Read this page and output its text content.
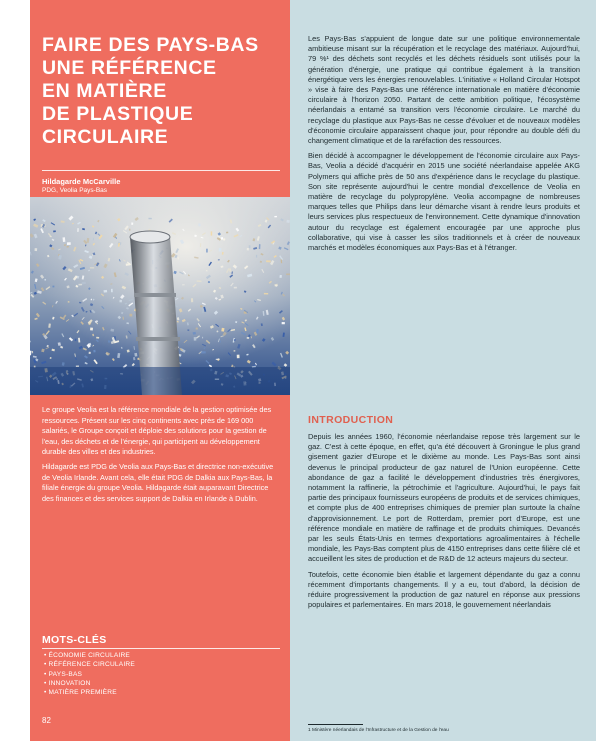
FAIRE DES PAYS-BAS
UNE RÉFÉRENCE
EN MATIÈRE
DE PLASTIQUE
CIRCULAIRE
Hildagarde McCarville
PDG, Veolia Pays-Bas

Le groupe Veolia est la référence mondiale de la gestion optimisée des ressources. Présent sur les cinq continents avec près de 169 000 salariés, le Groupe conçoit et déploie des solutions pour la gestion de l'eau, des déchets et de l'énergie, qui participent au développement durable des villes et des industries.

Hildagarde est PDG de Veolia aux Pays-Bas et directrice non-exécutive de Veolia Irlande. Avant cela, elle était PDG de Dalkia aux Pays-Bas, la filiale énergie du groupe Veolia. Hildagarde était auparavant Directrice des finances et des services support de Dalkia en Irlande à Dublin.

MOTS-CLÉS
• ÉCONOMIE CIRCULAIRE
• RÉFÉRENCE CIRCULAIRE
• PAYS-BAS
• INNOVATION
• MATIÈRE PREMIÈRE
82

Les Pays-Bas s'appuient de longue date sur une politique environnementale ambitieuse misant sur la récupération et le recyclage des matériaux. Aujourd'hui, 79 %¹ des déchets sont recyclés et les déchets résiduels sont utilisés pour la génération d'énergie, une pratique qui contribue également à la transition énergétique vers les énergies renouvelables. L'initiative « Holland Circular Hotspot » vise à faire des Pays-Bas une référence internationale en matière d'économie circulaire à l'horizon 2050. Partant de cette ambition politique, l'écosystème néerlandais a entamé sa transition vers l'économie circulaire. Le marché du recyclage du plastique aux Pays-Bas ne cesse d'évoluer et de nouveaux modèles d'économie circulaire apparaissent chaque jour, pour répondre au double défi du changement climatique et de la raréfaction des ressources.

Bien décidé à accompagner le développement de l'économie circulaire aux Pays-Bas, Veolia a décidé d'acquérir en 2015 une société néerlandaise appelée AKG Polymers qui affiche près de 50 ans d'expérience dans le recyclage du plastique. Son site représente aujourd'hui le centre mondial d'excellence de Veolia en matière de recyclage du polypropylène. Veolia accompagne de nombreuses marques telles que Philips dans leur démarche visant à rendre leurs produits et leurs services plus respectueux de l'environnement. Cette dynamique d'innovation autour du recyclage est également encouragée par une approche plus collaborative, qui vise à casser les silos traditionnels et à créer de nouveaux marchés et modèles économiques aux Pays-Bas et à l'étranger.

INTRODUCTION

Depuis les années 1960, l'économie néerlandaise repose très largement sur le gaz. C'est à cette époque, en effet, qu'a été découvert à Groningue le plus grand gisement gazier d'Europe et le dixième au monde. Les Pays-Bas sont ainsi devenus le principal producteur de gaz naturel de l'Union européenne. Cette abondance de gaz a facilité le développement d'industries très énergivores, notamment la raffinerie, la pétrochimie et l'agriculture. Aujourd'hui, le pays fait partie des principaux fournisseurs européens de produits et de services chimiques, et compte plus de 400 entreprises chimiques de premier plan surtoute la chaîne d'approvisionnement. Le port de Rotterdam, premier port d'Europe, est une référence mondiale en matière de raffinage et de produits chimiques. Devancés par les seuls États-Unis en termes d'exportations agroalimentaires à l'échelle mondiale, les Pays-Bas comptent plus de 4150 entreprises dans cette filière clé et accueillent les sites de production et de R&D de 12 acteurs majeurs du secteur.

Toutefois, cette économie bien établie et largement dépendante du gaz a connu récemment d'importants changements. Il y a eu, tout d'abord, la décision de réduire progressivement la production de gaz naturel en réponse aux pressions populaires et parlementaires. En mars 2018, le gouvernement néerlandais

1 Ministère néerlandais de l'Infrastructure et de la Gestion de l'eau
